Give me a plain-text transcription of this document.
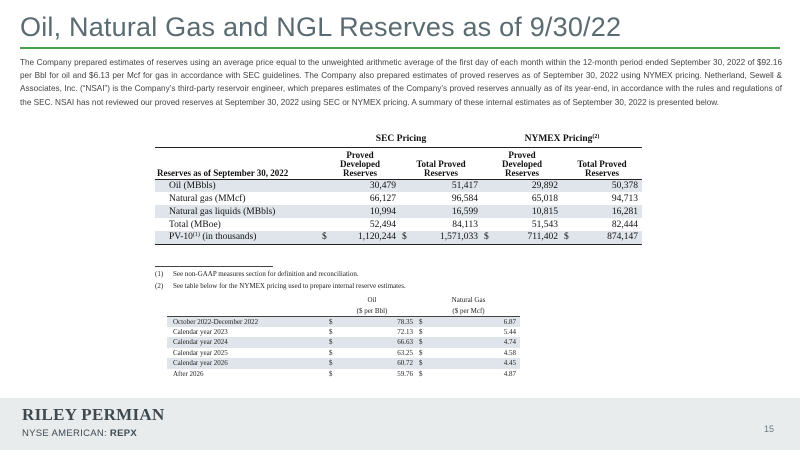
Oil, Natural Gas and NGL Reserves as of 9/30/22

The Company prepared estimates of reserves using an average price equal to the unweighted arithmetic average of the first day of each month within the 12-month period ended September 30, 2022 of $92.16 per Bbl for oil and $6.13 per Mcf for gas in accordance with SEC guidelines. The Company also prepared estimates of proved reserves as of September 30, 2022 using NYMEX pricing. Netherland, Sewell & Associates, Inc. (“NSAI”) is the Company’s third-party reservoir engineer, which prepares estimates of the Company’s proved reserves annually as of its year-end, in accordance with the rules and regulations of the SEC. NSAI has not reviewed our proved reserves at September 30, 2022 using SEC or NYMEX pricing. A summary of these internal estimates as of September 30, 2022 is presented below.

	SEC Pricing				NYMEX Pricing$^{(2)}$
Reserves as of September 30, 2022	Proved Developed Reserves		Total Proved Reserves		Proved Developed Reserves		Total Proved Reserves	

Oil (MBbls)	30,479		51,417		29,892		50,378	
Natural gas (MMcf)	66,127		96,584		65,018		94,713	
Natural gas liquids (MBbls)	10,994		16,599		10,815		16,281	
Total (MBoe)	52,494		84,113		51,543		82,444	
PV-10$^{(1)}$ (in thousands)	$	1,120,244	$	1,571,033	$	711,402	$	874,147
(1) See non-GAAP measures section for definition and reconciliation.
(2) See table below for the NYMEX pricing used to prepare internal reserve estimates.
	Oil		Natural Gas	
	($ per Bbl)		($ per Mcf)	
October 2022-December 2022	$	78.35	$	6.87
Calendar year 2023	$	72.13	$	5.44
Calendar year 2024	$	66.63	$	4.74
Calendar year 2025	$	63.25	$	4.58
Calendar year 2026	$	60.72	$	4.45
After 2026	$	59.76	$	4.87
RILEY PERMIAN
NYSE AMERICAN: REPX	15
